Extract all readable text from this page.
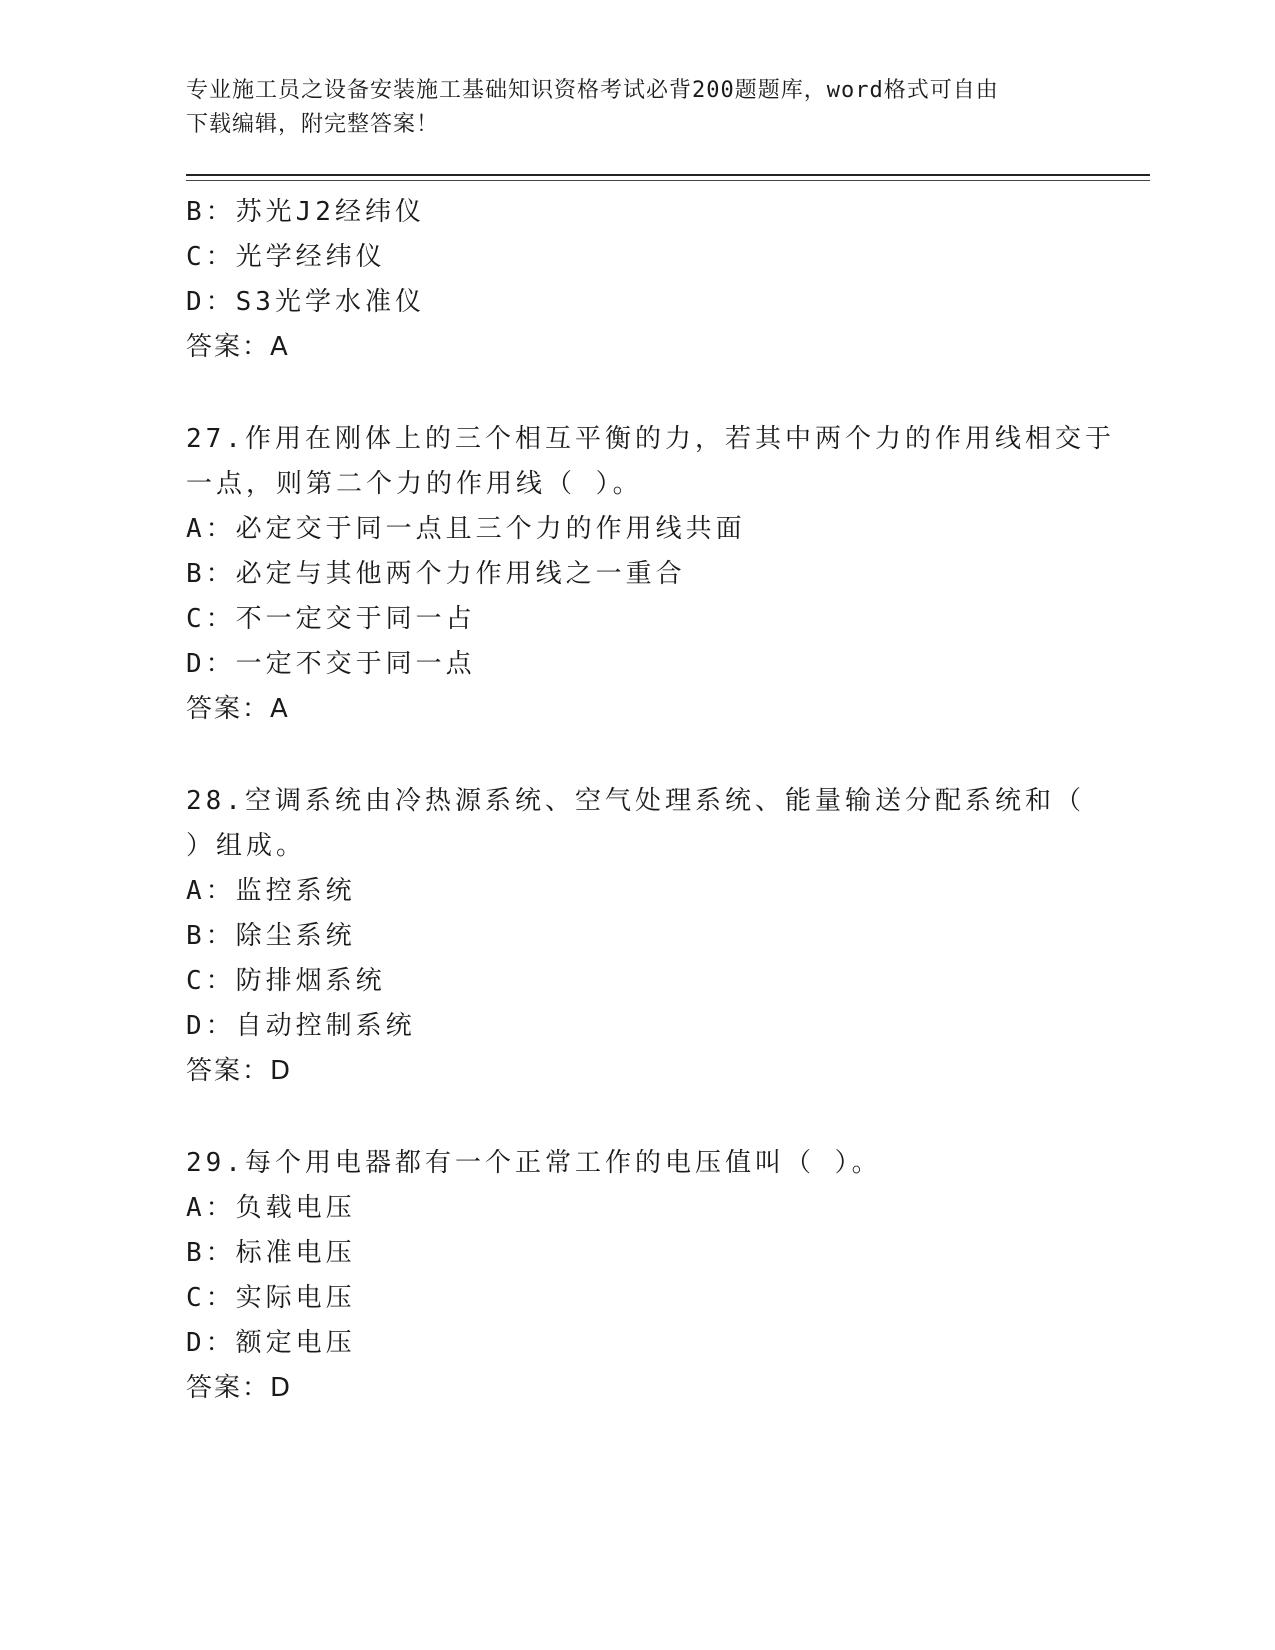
专业施工员之设备安装施工基础知识资格考试必背200题题库，word格式可自由
下载编辑，附完整答案！
B：苏光J2经纬仪
C：光学经纬仪
D：S3光学水准仪
答案：A
27.作用在刚体上的三个相互平衡的力，若其中两个力的作用线相交于
一点，则第二个力的作用线（ ）。
A：必定交于同一点且三个力的作用线共面
B：必定与其他两个力作用线之一重合
C：不一定交于同一占
D：一定不交于同一点
答案：A
28.空调系统由冷热源系统、空气处理系统、能量输送分配系统和（
）组成。
A：监控系统
B：除尘系统
C：防排烟系统
D：自动控制系统
答案：D
29.每个用电器都有一个正常工作的电压值叫（ ）。
A：负载电压
B：标准电压
C：实际电压
D：额定电压
答案：D
